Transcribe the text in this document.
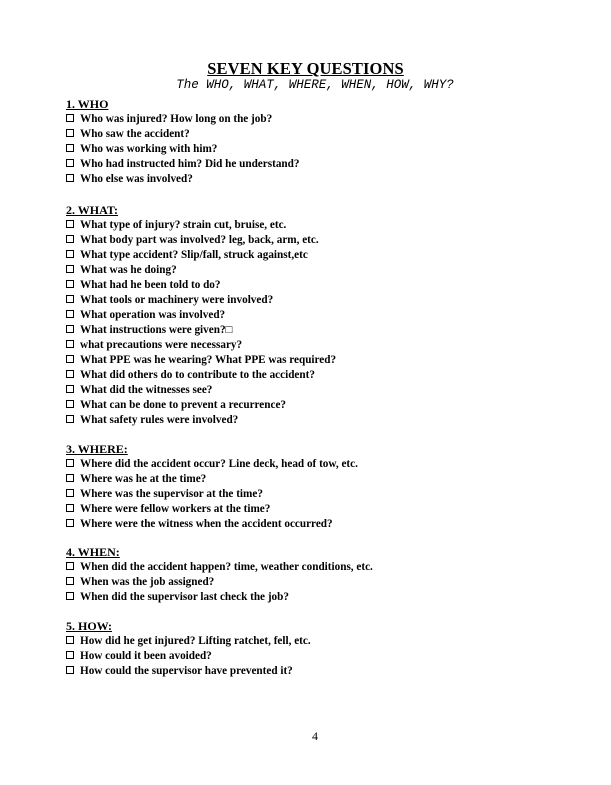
SEVEN KEY QUESTIONS
The WHO, WHAT, WHERE, WHEN, HOW, WHY?
1. WHO
Who was injured? How long on the job?
Who saw the accident?
Who was working with him?
Who had instructed him? Did he understand?
Who else was involved?
2. WHAT:
What type of injury? strain cut, bruise, etc.
What body part was involved? leg, back, arm, etc.
What type accident? Slip/fall, struck against,etc
What was he doing?
What had he been told to do?
What tools or machinery were involved?
What operation was involved?
What instructions were given?□
what precautions were necessary?
What PPE was he wearing? What PPE was required?
What did others do to contribute to the accident?
What did the witnesses see?
What can be done to prevent a recurrence?
What safety rules were involved?
3. WHERE:
Where did the accident occur? Line deck, head of tow, etc.
Where was he at the time?
Where was the supervisor at the time?
Where were fellow workers at the time?
Where were the witness when the accident occurred?
4. WHEN:
When did the accident happen? time, weather conditions, etc.
When was the job assigned?
When did the supervisor last check the job?
5. HOW:
How did he get injured? Lifting ratchet, fell, etc.
How could it been avoided?
How could the supervisor have prevented it?
4
